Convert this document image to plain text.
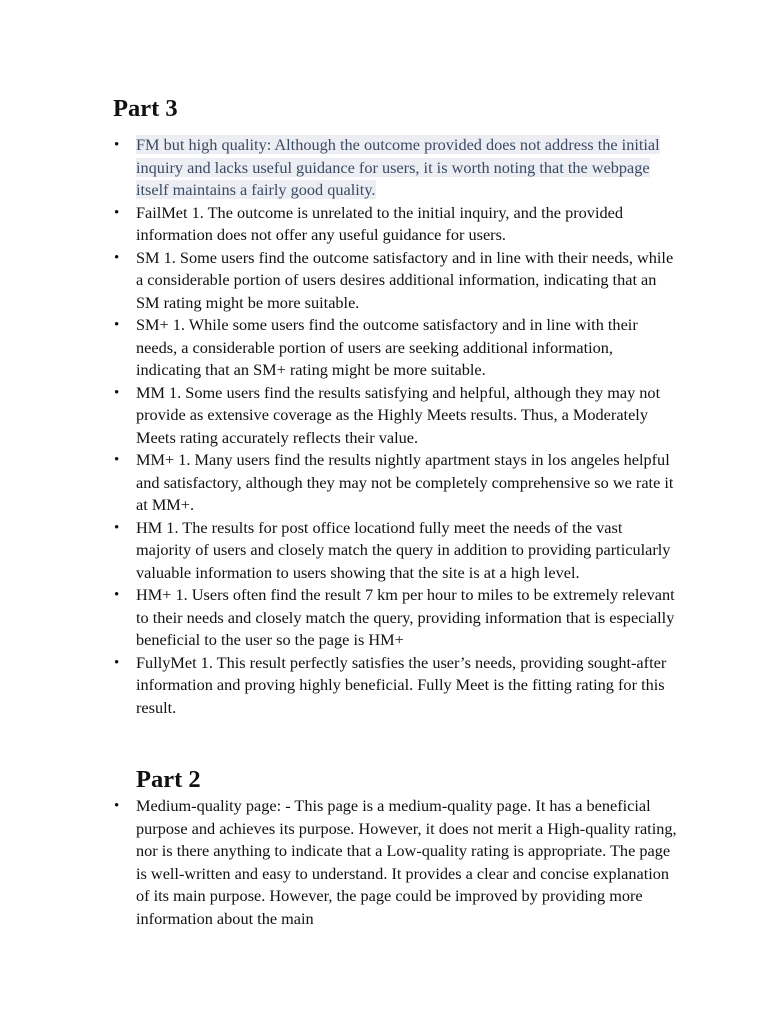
Part 3
•	FM but high quality: Although the outcome provided does not address the initial inquiry and lacks useful guidance for users, it is worth noting that the webpage itself maintains a fairly good quality.
•	FailMet 1. The outcome is unrelated to the initial inquiry, and the provided information does not offer any useful guidance for users.
•	SM 1. Some users find the outcome satisfactory and in line with their needs, while a considerable portion of users desires additional information, indicating that an SM rating might be more suitable.
•	SM+ 1. While some users find the outcome satisfactory and in line with their needs, a considerable portion of users are seeking additional information, indicating that an SM+ rating might be more suitable.
•	MM 1. Some users find the results satisfying and helpful, although they may not provide as extensive coverage as the Highly Meets results. Thus, a Moderately Meets rating accurately reflects their value.
•	MM+ 1. Many users find the results nightly apartment stays in los angeles helpful and satisfactory, although they may not be completely comprehensive so we rate it at MM+.
•	HM 1. The results for post office locationd fully meet the needs of the vast majority of users and closely match the query in addition to providing particularly valuable information to users showing that the site is at a high level.
•	HM+ 1. Users often find the result 7 km per hour to miles to be extremely relevant to their needs and closely match the query, providing information that is especially beneficial to the user so the page is HM+
•	FullyMet 1. This result perfectly satisfies the user’s needs, providing sought-after information and proving highly beneficial. Fully Meet is the fitting rating for this result.
Part 2
•	Medium-quality page: - This page is a medium-quality page. It has a beneficial purpose and achieves its purpose. However, it does not merit a High-quality rating, nor is there anything to indicate that a Low-quality rating is appropriate. The page is well-written and easy to understand. It provides a clear and concise explanation of its main purpose. However, the page could be improved by providing more information about the main
